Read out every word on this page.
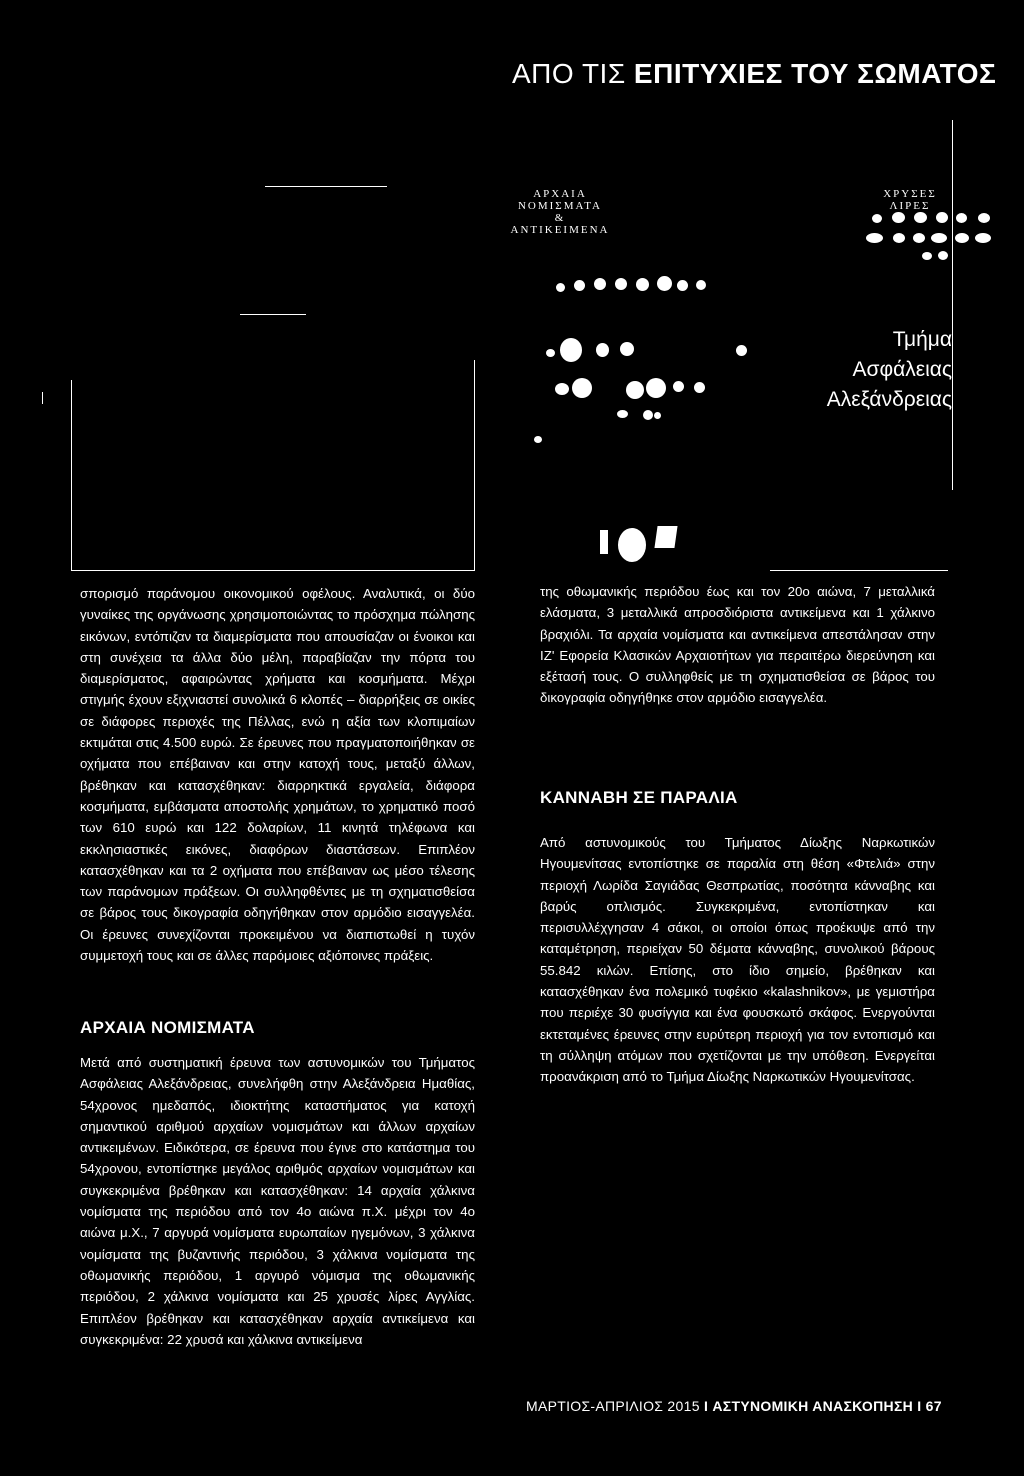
ΑΠΟ ΤΙΣ ΕΠΙΤΥΧΙΕΣ ΤΟΥ ΣΩΜΑΤΟΣ
ΑΡΧΑΙΑ
ΝΟΜΙΣΜΑΤΑ
&
ΑΝΤΙΚΕΙΜΕΝΑ
ΧΡΥΣΕΣ
ΛΙΡΕΣ
Τμήμα
Ασφάλειας
Αλεξάνδρειας

σπορισμό παράνομου οικονομικού οφέλους. Αναλυτικά, οι δύο γυναίκες της οργάνωσης χρησιμοποιώντας το πρόσχημα πώλησης εικόνων, εντόπιζαν τα διαμερίσματα που απουσίαζαν οι ένοικοι και στη συνέχεια τα άλλα δύο μέλη, παραβίαζαν την πόρτα του διαμερίσματος, αφαιρώντας χρήματα και κοσμήματα. Μέχρι στιγμής έχουν εξιχνιαστεί συνολικά 6 κλοπές – διαρρήξεις σε οικίες σε διάφορες περιοχές της Πέλλας, ενώ η αξία των κλοπιμαίων εκτιμάται στις 4.500 ευρώ. Σε έρευνες που πραγματοποιήθηκαν σε οχήματα που επέβαιναν και στην κατοχή τους, μεταξύ άλλων, βρέθηκαν και κατασχέθηκαν: διαρρηκτικά εργαλεία, διάφορα κοσμήματα, εμβάσματα αποστολής χρημάτων, το χρηματικό ποσό των 610 ευρώ και 122 δολαρίων, 11 κινητά τηλέφωνα και εκκλησιαστικές εικόνες, διαφόρων διαστάσεων. Επιπλέον κατασχέθηκαν και τα 2 οχήματα που επέβαιναν ως μέσο τέλεσης των παράνομων πράξεων. Οι συλληφθέντες με τη σχηματισθείσα σε βάρος τους δικογραφία οδηγήθηκαν στον αρμόδιο εισαγγελέα. Οι έρευνες συνεχίζονται προκειμένου να διαπιστωθεί η τυχόν συμμετοχή τους και σε άλλες παρόμοιες αξιόποινες πράξεις.

ΑΡΧΑΙΑ ΝΟΜΙΣΜΑΤΑ

Μετά από συστηματική έρευνα των αστυνομικών του Τμήματος Ασφάλειας Αλεξάνδρειας, συνελήφθη στην Αλεξάνδρεια Ημαθίας, 54χρονος ημεδαπός, ιδιοκτήτης καταστήματος για κατοχή σημαντικού αριθμού αρχαίων νομισμάτων και άλλων αρχαίων αντικειμένων. Ειδικότερα, σε έρευνα που έγινε στο κατάστημα του 54χρονου, εντοπίστηκε μεγάλος αριθμός αρχαίων νομισμάτων και συγκεκριμένα βρέθηκαν και κατασχέθηκαν: 14 αρχαία χάλκινα νομίσματα της περιόδου από τον 4ο αιώνα π.Χ. μέχρι τον 4ο αιώνα μ.Χ., 7 αργυρά νομίσματα ευρωπαίων ηγεμόνων, 3 χάλκινα νομίσματα της βυζαντινής περιόδου, 3 χάλκινα νομίσματα της οθωμανικής περιόδου, 1 αργυρό νόμισμα της οθωμανικής περιόδου, 2 χάλκινα νομίσματα και 25 χρυσές λίρες Αγγλίας. Επιπλέον βρέθηκαν και κατασχέθηκαν αρχαία αντικείμενα και συγκεκριμένα: 22 χρυσά και χάλκινα αντικείμενα

της οθωμανικής περιόδου έως και τον 20ο αιώνα, 7 μεταλλικά ελάσματα, 3 μεταλλικά απροσδιόριστα αντικείμενα και 1 χάλκινο βραχιόλι. Τα αρχαία νομίσματα και αντικείμενα απεστάλησαν στην ΙΖ' Εφορεία Κλασικών Αρχαιοτήτων για περαιτέρω διερεύνηση και εξέτασή τους. Ο συλληφθείς με τη σχηματισθείσα σε βάρος του δικογραφία οδηγήθηκε στον αρμόδιο εισαγγελέα.

ΚΑΝΝΑΒΗ ΣΕ ΠΑΡΑΛΙΑ

Από αστυνομικούς του Τμήματος Δίωξης Ναρκωτικών Ηγουμενίτσας εντοπίστηκε σε παραλία στη θέση «Φτελιά» στην περιοχή Λωρίδα Σαγιάδας Θεσπρωτίας, ποσότητα κάνναβης και βαρύς οπλισμός. Συγκεκριμένα, εντοπίστηκαν και περισυλλέχγησαν 4 σάκοι, οι οποίοι όπως προέκυψε από την καταμέτρηση, περιείχαν 50 δέματα κάνναβης, συνολικού βάρους 55.842 κιλών. Επίσης, στο ίδιο σημείο, βρέθηκαν και κατασχέθηκαν ένα πολεμικό τυφέκιο «kalashnikov», με γεμιστήρα που περιέχε 30 φυσίγγια και ένα φουσκωτό σκάφος. Ενεργούνται εκτεταμένες έρευνες στην ευρύτερη περιοχή για τον εντοπισμό και τη σύλληψη ατόμων που σχετίζονται με την υπόθεση. Ενεργείται προανάκριση από το Τμήμα Δίωξης Ναρκωτικών Ηγουμενίτσας.

ΜΑΡΤΙΟΣ-ΑΠΡΙΛΙΟΣ 2015 I ΑΣΤΥΝΟΜΙΚΗ ΑΝΑΣΚΟΠΗΣΗ I 67
